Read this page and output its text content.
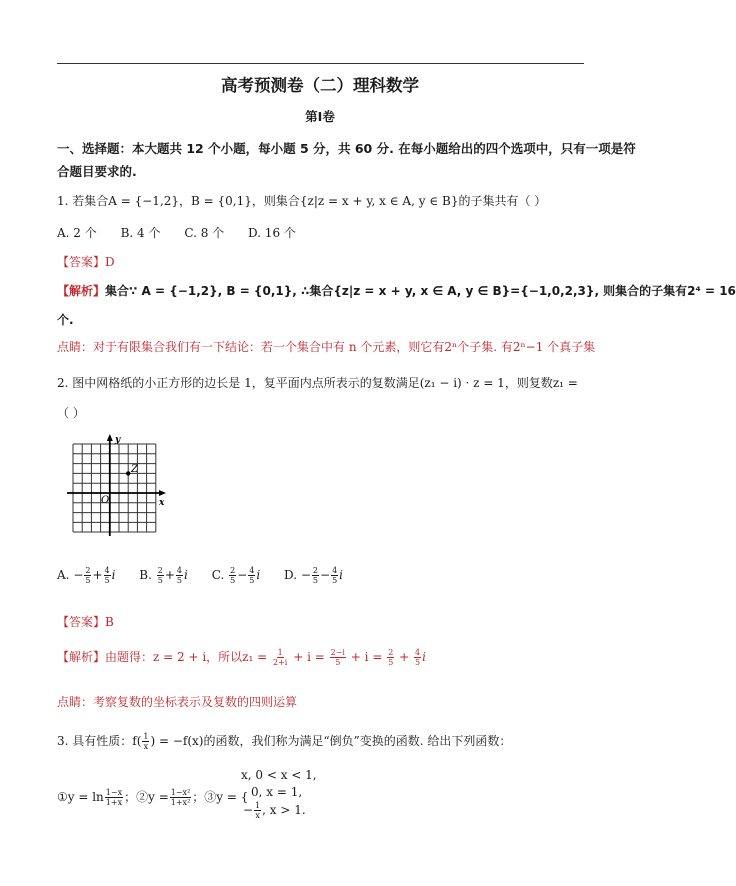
高考预测卷（二）理科数学
第Ⅰ卷
一、选择题：本大题共 12 个小题，每小题 5 分，共 60 分. 在每小题给出的四个选项中，只有一项是符
合题目要求的.
1. 若集合A = {−1,2}，B = {0,1}，则集合{z|z = x + y, x ∈ A, y ∈ B}的子集共有（ ）
A. 2 个 B. 4 个 C. 8 个 D. 16 个
【答案】D
【解析】集合∵ A = {−1,2}, B = {0,1}, ∴集合{z|z = x + y, x ∈ A, y ∈ B}={−1,0,2,3}, 则集合的子集有2⁴ = 16
个.
点睛：对于有限集合我们有一下结论：若一个集合中有 n 个元素，则它有2ⁿ个子集. 有2ⁿ−1 个真子集
2. 图中网格纸的小正方形的边长是 1，复平面内点所表示的复数满足(z₁ − i) · z = 1，则复数z₁ =
（ ）
y
x
O
Z
A. − $\frac{2}{5} + \frac{4}{5}$ i B. $\frac{2}{5} + \frac{4}{5}$ i C. $\frac{2}{5} - \frac{4}{5}$ i D. − $\frac{2}{5} - \frac{4}{5}$ i
【答案】B
【解析】由题得：z = 2 + i，所以$z_1 = \frac{1}{2+i} + i = \frac{2-i}{5} + i = \frac{2}{5} + \frac{4}{5}$ i
点睛：考察复数的坐标表示及复数的四则运算
3. 具有性质：$f( \frac{1}{x}$ ) = −f(x)的函数，我们称为满足“倒负”变换的函数. 给出下列函数：
x, 0 < x < 1,
0, x = 1,
①y = $\ln \frac{1-x}{1+x}$ ；②y = $\frac{\text{1−x²}}{\text{1+x²}}$ ；③y = {
− $\frac{1}{x}$ , x > 1.
